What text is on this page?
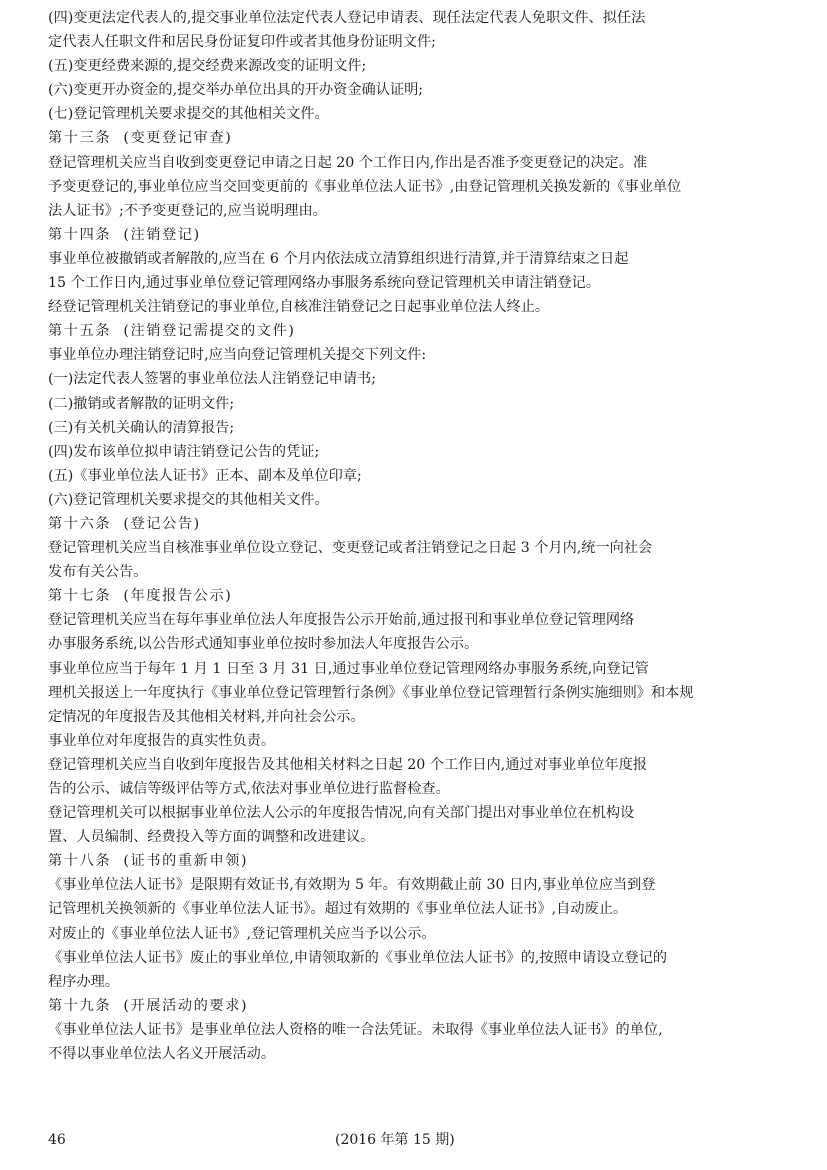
(四)变更法定代表人的,提交事业单位法定代表人登记申请表、现任法定代表人免职文件、拟任法
定代表人任职文件和居民身份证复印件或者其他身份证明文件;
(五)变更经费来源的,提交经费来源改变的证明文件;
(六)变更开办资金的,提交举办单位出具的开办资金确认证明;
(七)登记管理机关要求提交的其他相关文件。
第十三条  (变更登记审查)
登记管理机关应当自收到变更登记申请之日起 20 个工作日内,作出是否准予变更登记的决定。准
予变更登记的,事业单位应当交回变更前的《事业单位法人证书》,由登记管理机关换发新的《事业单位
法人证书》;不予变更登记的,应当说明理由。
第十四条  (注销登记)
事业单位被撤销或者解散的,应当在 6 个月内依法成立清算组织进行清算,并于清算结束之日起
15 个工作日内,通过事业单位登记管理网络办事服务系统向登记管理机关申请注销登记。
经登记管理机关注销登记的事业单位,自核准注销登记之日起事业单位法人终止。
第十五条  (注销登记需提交的文件)
事业单位办理注销登记时,应当向登记管理机关提交下列文件:
(一)法定代表人签署的事业单位法人注销登记申请书;
(二)撤销或者解散的证明文件;
(三)有关机关确认的清算报告;
(四)发布该单位拟申请注销登记公告的凭证;
(五)《事业单位法人证书》正本、副本及单位印章;
(六)登记管理机关要求提交的其他相关文件。
第十六条  (登记公告)
登记管理机关应当自核准事业单位设立登记、变更登记或者注销登记之日起 3 个月内,统一向社会
发布有关公告。
第十七条  (年度报告公示)
登记管理机关应当在每年事业单位法人年度报告公示开始前,通过报刊和事业单位登记管理网络
办事服务系统,以公告形式通知事业单位按时参加法人年度报告公示。
事业单位应当于每年 1 月 1 日至 3 月 31 日,通过事业单位登记管理网络办事服务系统,向登记管
理机关报送上一年度执行《事业单位登记管理暂行条例》《事业单位登记管理暂行条例实施细则》和本规
定情况的年度报告及其他相关材料,并向社会公示。
事业单位对年度报告的真实性负责。
登记管理机关应当自收到年度报告及其他相关材料之日起 20 个工作日内,通过对事业单位年度报
告的公示、诚信等级评估等方式,依法对事业单位进行监督检查。
登记管理机关可以根据事业单位法人公示的年度报告情况,向有关部门提出对事业单位在机构设
置、人员编制、经费投入等方面的调整和改进建议。
第十八条  (证书的重新申领)
《事业单位法人证书》是限期有效证书,有效期为 5 年。有效期截止前 30 日内,事业单位应当到登
记管理机关换领新的《事业单位法人证书》。超过有效期的《事业单位法人证书》,自动废止。
对废止的《事业单位法人证书》,登记管理机关应当予以公示。
《事业单位法人证书》废止的事业单位,申请领取新的《事业单位法人证书》的,按照申请设立登记的
程序办理。
第十九条  (开展活动的要求)
《事业单位法人证书》是事业单位法人资格的唯一合法凭证。未取得《事业单位法人证书》的单位,
不得以事业单位法人名义开展活动。
46	(2016 年第 15 期)
